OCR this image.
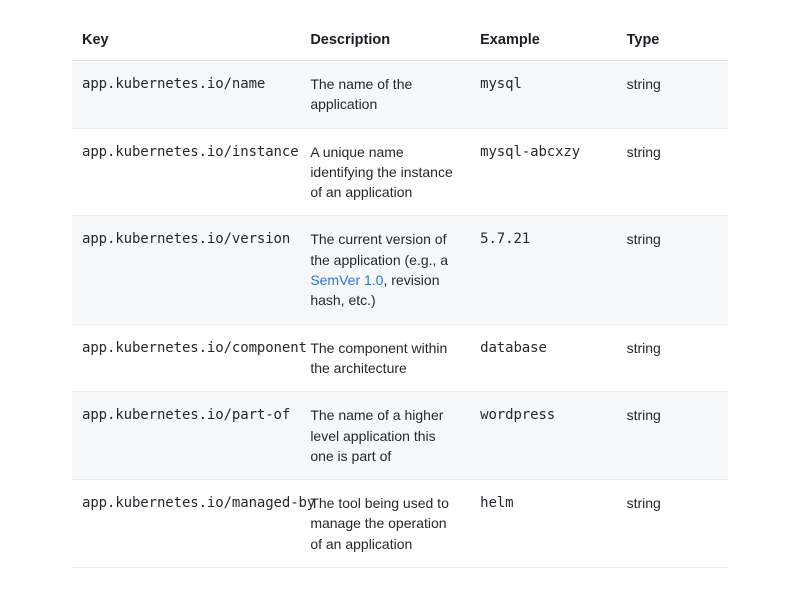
Key	Description	Example	Type
app.kubernetes.io/name	The name of the application	mysql	string
app.kubernetes.io/instance	A unique name identifying the instance of an application	mysql-abcxzy	string
app.kubernetes.io/version	The current version of the application (e.g., a SemVer 1.0, revision hash, etc.)	5.7.21	string
app.kubernetes.io/component	The component within the architecture	database	string
app.kubernetes.io/part-of	The name of a higher level application this one is part of	wordpress	string
app.kubernetes.io/managed-by	The tool being used to manage the operation of an application	helm	string
